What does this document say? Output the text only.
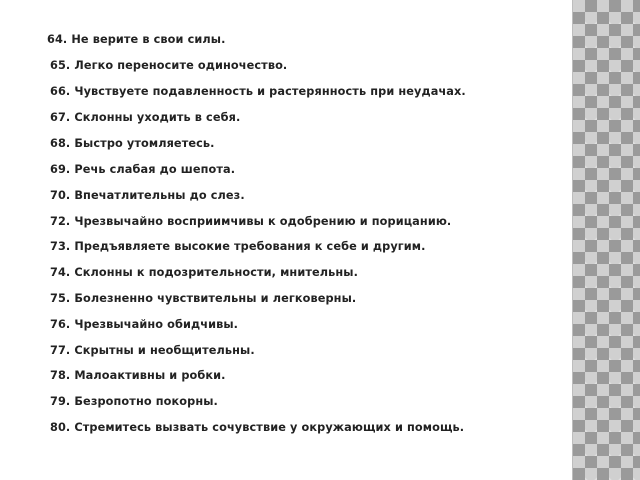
64. Не верите в свои силы.
65. Легко переносите одиночество.
66. Чувствуете подавленность и растерянность при неудачах.
67. Склонны уходить в себя.
68. Быстро утомляетесь.
69. Речь слабая до шепота.
70. Впечатлительны до слез.
72. Чрезвычайно восприимчивы к одобрению и порицанию.
73. Предъявляете высокие требования к себе и другим.
74. Склонны к подозрительности, мнительны.
75. Болезненно чувствительны и легковерны.
76. Чрезвычайно обидчивы.
77. Скрытны и необщительны.
78. Малоактивны и робки.
79. Безропотно покорны.
80. Стремитесь вызвать сочувствие у окружающих и помощь.
